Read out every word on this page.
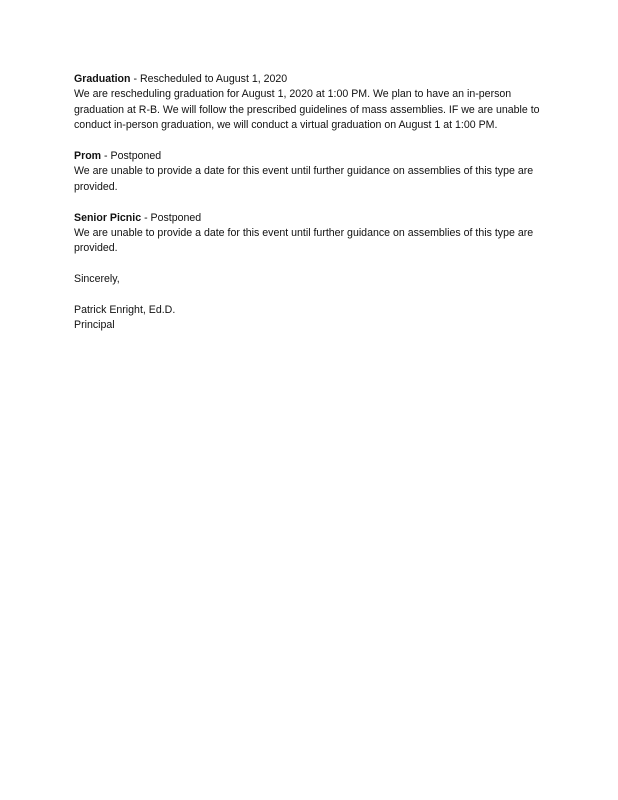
Graduation - Rescheduled to August 1, 2020

We are rescheduling graduation for August 1, 2020 at 1:00 PM. We plan to have an in-person graduation at R-B. We will follow the prescribed guidelines of mass assemblies. IF we are unable to conduct in-person graduation, we will conduct a virtual graduation on August 1 at 1:00 PM.

Prom - Postponed

We are unable to provide a date for this event until further guidance on assemblies of this type are provided.

Senior Picnic - Postponed

We are unable to provide a date for this event until further guidance on assemblies of this type are provided.

Sincerely,

Patrick Enright, Ed.D.

Principal
